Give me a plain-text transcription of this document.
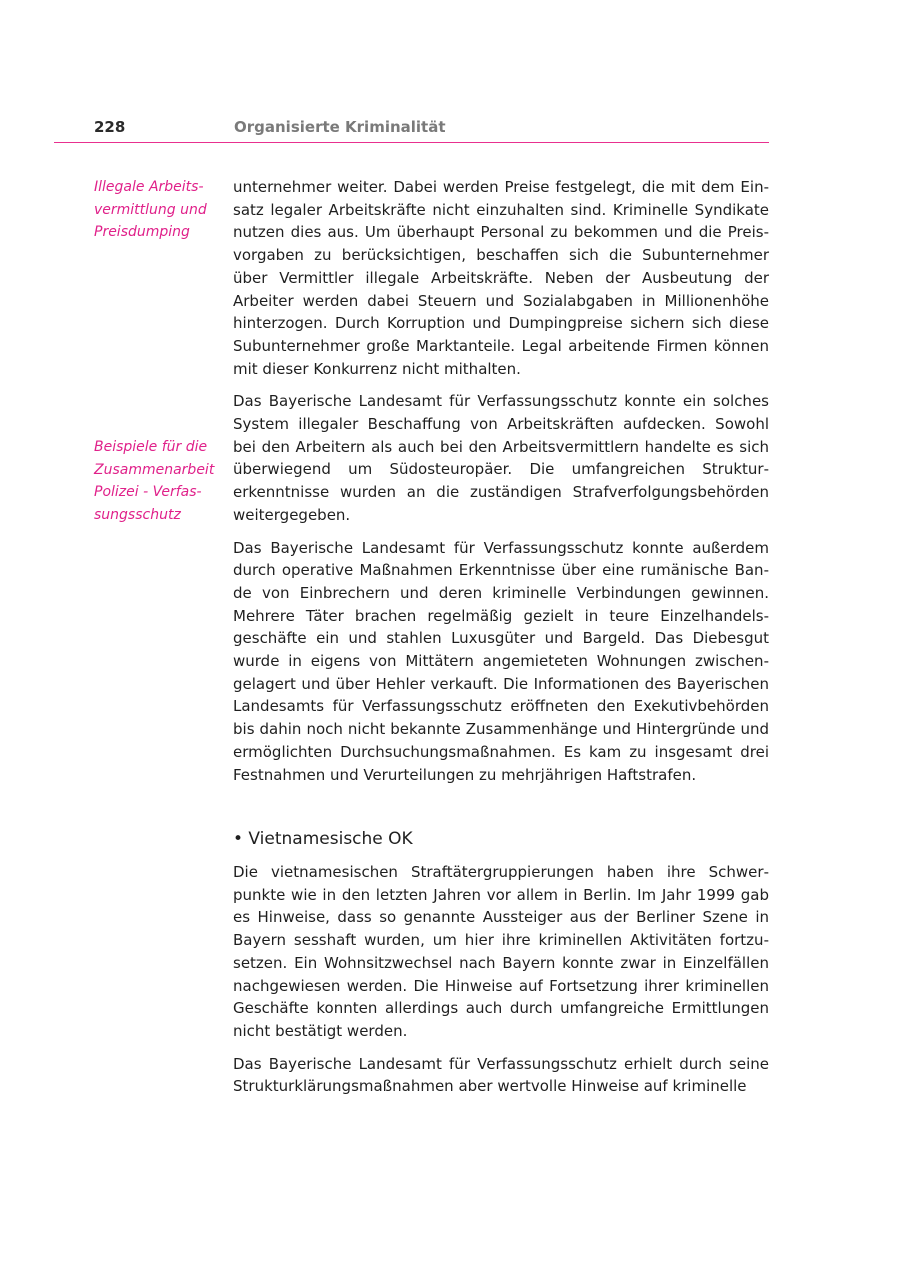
228	Organisierte Kriminalität
Illegale Arbeits-vermittlung und Preisdumping
Beispiele für die Zusammenarbeit Polizei - Verfas-sungsschutz

unternehmer weiter. Dabei werden Preise festgelegt, die mit dem Einsatz legaler Arbeitskräfte nicht einzuhalten sind. Kriminelle Syndikate nutzen dies aus. Um überhaupt Personal zu bekommen und die Preisvorgaben zu berücksichtigen, beschaffen sich die Subunternehmer über Vermittler illegale Arbeitskräfte. Neben der Ausbeutung der Arbeiter werden dabei Steuern und Sozialabgaben in Millionenhöhe hinterzogen. Durch Korruption und Dumpingpreise sichern sich diese Subunternehmer große Marktanteile. Legal arbeitende Firmen können mit dieser Konkurrenz nicht mithalten.

Das Bayerische Landesamt für Verfassungsschutz konnte ein solches System illegaler Beschaffung von Arbeitskräften aufdecken. Sowohl bei den Arbeitern als auch bei den Arbeitsvermittlern handelte es sich überwiegend um Südosteuropäer. Die umfangreichen Strukturerkenntnisse wurden an die zuständigen Strafverfolgungsbehörden weitergegeben.

Das Bayerische Landesamt für Verfassungsschutz konnte außerdem durch operative Maßnahmen Erkenntnisse über eine rumänische Bande von Einbrechern und deren kriminelle Verbindungen gewinnen. Mehrere Täter brachen regelmäßig gezielt in teure Einzelhandelsgeschäfte ein und stahlen Luxusgüter und Bargeld. Das Diebesgut wurde in eigens von Mittätern angemieteten Wohnungen zwischengelagert und über Hehler verkauft. Die Informationen des Bayerischen Landesamts für Verfassungsschutz eröffneten den Exekutivbehörden bis dahin noch nicht bekannte Zusammenhänge und Hintergründe und ermöglichten Durchsuchungsmaßnahmen. Es kam zu insgesamt drei Festnahmen und Verurteilungen zu mehrjährigen Haftstrafen.

• Vietnamesische OK

Die vietnamesischen Straftätergruppierungen haben ihre Schwerpunkte wie in den letzten Jahren vor allem in Berlin. Im Jahr 1999 gab es Hinweise, dass so genannte Aussteiger aus der Berliner Szene in Bayern sesshaft wurden, um hier ihre kriminellen Aktivitäten fortzusetzen. Ein Wohnsitzwechsel nach Bayern konnte zwar in Einzelfällen nachgewiesen werden. Die Hinweise auf Fortsetzung ihrer kriminellen Geschäfte konnten allerdings auch durch umfangreiche Ermittlungen nicht bestätigt werden.

Das Bayerische Landesamt für Verfassungsschutz erhielt durch seine Strukturklärungsmaßnahmen aber wertvolle Hinweise auf kriminelle
